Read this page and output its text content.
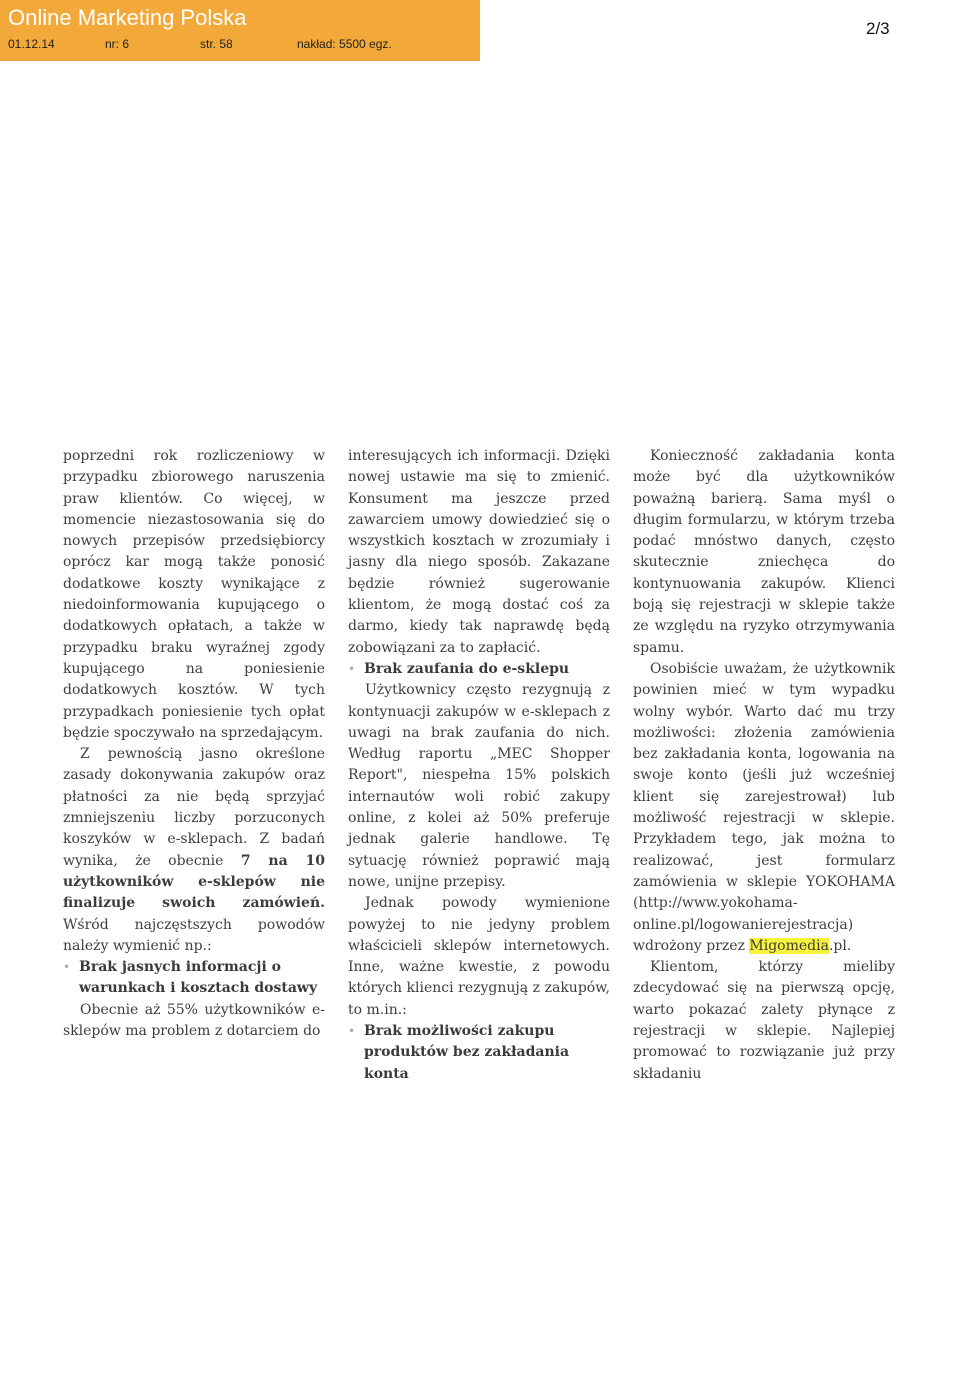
Online Marketing Polska
01.12.14	nr: 6	str. 58	nakład: 5500 egz.
2/3

poprzedni rok rozliczeniowy w przypadku zbiorowego naruszenia praw klientów. Co więcej, w momencie niezastosowania się do nowych przepisów przedsiębiorcy oprócz kar mogą także ponosić dodatkowe koszty wynikające z niedoinformowania kupującego o dodatkowych opłatach, a także w przypadku braku wyraźnej zgody kupującego na poniesienie dodatkowych kosztów. W tych przypadkach poniesienie tych opłat będzie spoczywało na sprzedającym.

Z pewnością jasno określone zasady dokonywania zakupów oraz płatności za nie będą sprzyjać zmniejszeniu liczby porzuconych koszyków w e-sklepach. Z badań wynika, że obecnie 7 na 10 użytkowników e-sklepów nie finalizuje swoich zamówień. Wśród najczęstszych powodów należy wymienić np.:

• Brak jasnych informacji o warunkach i kosztach dostawy

Obecnie aż 55% użytkowników e-sklepów ma problem z dotarciem do

interesujących ich informacji. Dzięki nowej ustawie ma się to zmienić. Konsument ma jeszcze przed zawarciem umowy dowiedzieć się o wszystkich kosztach w zrozumiały i jasny dla niego sposób. Zakazane będzie również sugerowanie klientom, że mogą dostać coś za darmo, kiedy tak naprawdę będą zobowiązani za to zapłacić.

• Brak zaufania do e-sklepu

Użytkownicy często rezygnują z kontynuacji zakupów w e-sklepach z uwagi na brak zaufania do nich. Według raportu „MEC Shopper Report", niespełna 15% polskich internautów woli robić zakupy online, z kolei aż 50% preferuje jednak galerie handlowe. Tę sytuację również poprawić mają nowe, unijne przepisy.

Jednak powody wymienione powyżej to nie jedyny problem właścicieli sklepów internetowych. Inne, ważne kwestie, z powodu których klienci rezygnują z zakupów, to m.in.:

• Brak możliwości zakupu produktów bez zakładania konta

Konieczność zakładania konta może być dla użytkowników poważną barierą. Sama myśl o długim formularzu, w którym trzeba podać mnóstwo danych, często skutecznie zniechęca do kontynuowania zakupów. Klienci boją się rejestracji w sklepie także ze względu na ryzyko otrzymywania spamu.

Osobiście uważam, że użytkownik powinien mieć w tym wypadku wolny wybór. Warto dać mu trzy możliwości: złożenia zamówienia bez zakładania konta, logowania na swoje konto (jeśli już wcześniej klient się zarejestrował) lub możliwość rejestracji w sklepie. Przykładem tego, jak można to realizować, jest formularz zamówienia w sklepie YOKOHAMA (http://www.yokohama-online.pl/logowanierejestracja) wdrożony przez Migomedia.pl.

Klientom, którzy mieliby zdecydować się na pierwszą opcję, warto pokazać zalety płynące z rejestracji w sklepie. Najlepiej promować to rozwiązanie już przy składaniu
